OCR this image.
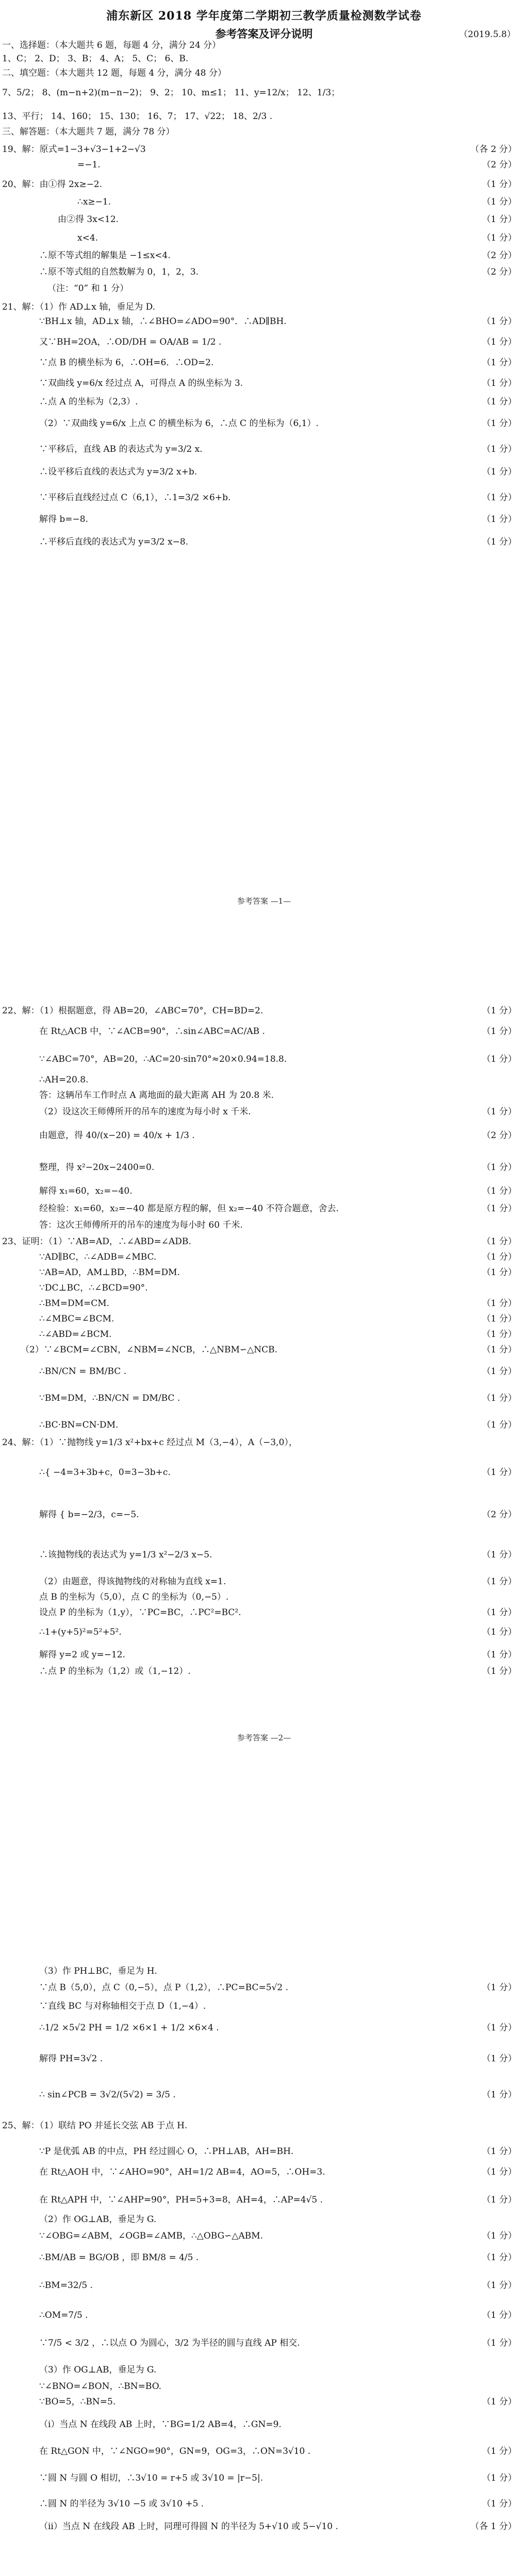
浦东新区 2018 学年度第二学期初三教学质量检测数学试卷
参考答案及评分说明	（2019.5.8）
一、选择题：（本大题共 6 题，每题 4 分，满分 24 分）
1、C； 2、D； 3、B； 4、A； 5、C； 6、B.
二、填空题：（本大题共 12 题，每题 4 分，满分 48 分）
7、5/2； 8、(m−n+2)(m−n−2)； 9、2； 10、m≤1； 11、y=12/x； 12、1/3；
13、平行； 14、160； 15、130； 16、7； 17、√22； 18、2/3 .
三、解答题：（本大题共 7 题，满分 78 分）
19、解：原式=1−3+√3−1+2−√3	（各 2 分）
=−1.	（2 分）
20、解：由①得 2x≥−2.	（1 分）
∴x≥−1.	（1 分）
由②得 3x<12.	（1 分）
x<4.	（1 分）
∴原不等式组的解集是 −1≤x<4.	（2 分）
∴原不等式组的自然数解为 0，1，2，3.	（2 分）
（注：“0” 和 1 分）
21、解：（1）作 AD⊥x 轴，垂足为 D.
∵BH⊥x 轴，AD⊥x 轴，∴∠BHO=∠ADO=90°．∴AD∥BH.	（1 分）
又∵BH=2OA，∴OD/DH = OA/AB = 1/2 .	（1 分）
∵点 B 的横坐标为 6，∴OH=6．∴OD=2.	（1 分）
∵双曲线 y=6/x 经过点 A，可得点 A 的纵坐标为 3.	（1 分）
∴点 A 的坐标为（2,3）.	（1 分）
（2）∵双曲线 y=6/x 上点 C 的横坐标为 6，∴点 C 的坐标为（6,1）.	（1 分）
∵平移后，直线 AB 的表达式为 y=3/2 x.	（1 分）
∴设平移后直线的表达式为 y=3/2 x+b.	（1 分）
∵平移后直线经过点 C（6,1），∴1=3/2 ×6+b.	（1 分）
解得 b=−8.	（1 分）
∴平移后直线的表达式为 y=3/2 x−8.	（1 分）
参考答案 —1—
22、解：（1）根据题意，得 AB=20，∠ABC=70°，CH=BD=2.	（1 分）
在 Rt△ACB 中，∵∠ACB=90°，∴sin∠ABC=AC/AB .	（1 分）
∵∠ABC=70°，AB=20，∴AC=20·sin70°≈20×0.94=18.8．	（1 分）
∴AH=20.8.
答：这辆吊车工作时点 A 离地面的最大距离 AH 为 20.8 米.
（2）设这次王师傅所开的吊车的速度为每小时 x 千米.	（1 分）
由题意，得 40/(x−20) = 40/x + 1/3 .	（2 分）
整理，得 x²−20x−2400=0.	（1 分）
解得 x₁=60，x₂=−40.	（1 分）
经检验：x₁=60，x₂=−40 都是原方程的解，但 x₂=−40 不符合题意，舍去.	（1 分）
答：这次王师傅所开的吊车的速度为每小时 60 千米.
23、证明：（1）∵AB=AD，∴∠ABD=∠ADB.	（1 分）
∵AD∥BC，∴∠ADB=∠MBC.	（1 分）
∵AB=AD，AM⊥BD，∴BM=DM.	（1 分）
∵DC⊥BC，∴∠BCD=90°.
∴BM=DM=CM.	（1 分）
∴∠MBC=∠BCM.	（1 分）
∴∠ABD=∠BCM.	（1 分）
（2）∵∠BCM=∠CBN，∠NBM=∠NCB，∴△NBM∽△NCB.	（1 分）
∴BN/CN = BM/BC .	（1 分）
∵BM=DM，∴BN/CN = DM/BC .	（1 分）
∴BC·BN=CN·DM.	（1 分）
24、解：（1）∵抛物线 y=1/3 x²+bx+c 经过点 M（3,−4），A（−3,0），
∴{ −4=3+3b+c，0=3−3b+c.	（1 分）
解得 { b=−2/3，c=−5.	（2 分）
∴该抛物线的表达式为 y=1/3 x²−2/3 x−5.	（1 分）
（2）由题意，得该抛物线的对称轴为直线 x=1.	（1 分）
点 B 的坐标为（5,0），点 C 的坐标为（0,−5）.
设点 P 的坐标为（1,y），∵PC=BC，∴PC²=BC².	（1 分）
∴1+(y+5)²=5²+5².	（1 分）
解得 y=2 或 y=−12.	（1 分）
∴点 P 的坐标为（1,2）或（1,−12）.	（1 分）
参考答案 —2—
（3）作 PH⊥BC，垂足为 H.
∵点 B（5,0），点 C（0,−5），点 P（1,2），∴PC=BC=5√2 .	（1 分）
∵直线 BC 与对称轴相交于点 D（1,−4）.
∴1/2 ×5√2 PH = 1/2 ×6×1 + 1/2 ×6×4 .	（1 分）
解得 PH=3√2 .	（1 分）
∴ sin∠PCB = 3√2/(5√2) = 3/5 .	（1 分）
25、解：（1）联结 PO 并延长交弦 AB 于点 H.
∵P 是优弧 AB 的中点，PH 经过圆心 O，∴PH⊥AB，AH=BH.	（1 分）
在 Rt△AOH 中，∵∠AHO=90°，AH=1/2 AB=4，AO=5，∴OH=3.	（1 分）
在 Rt△APH 中，∵∠AHP=90°，PH=5+3=8，AH=4，∴AP=4√5 .	（1 分）
（2）作 OG⊥AB，垂足为 G.
∵∠OBG=∠ABM，∠OGB=∠AMB，∴△OBG∽△ABM.	（1 分）
∴BM/AB = BG/OB ，即 BM/8 = 4/5 .	（1 分）
∴BM=32/5 .	（1 分）
∴OM=7/5 .	（1 分）
∵7/5 < 3/2 ，∴以点 O 为圆心，3/2 为半径的圆与直线 AP 相交.	（1 分）
（3）作 OG⊥AB，垂足为 G.
∵∠BNO=∠BON，∴BN=BO.
∵BO=5，∴BN=5.	（1 分）
（i）当点 N 在线段 AB 上时，∵BG=1/2 AB=4，∴GN=9.
在 Rt△GON 中，∵∠NGO=90°，GN=9，OG=3，∴ON=3√10 .	（1 分）
∵圆 N 与圆 O 相切，∴3√10 = r+5 或 3√10 = |r−5|.	（1 分）
∴圆 N 的半径为 3√10 −5 或 3√10 +5 .	（1 分）
（ii）当点 N 在线段 AB 上时，同理可得圆 N 的半径为 5+√10 或 5−√10 .	（各 1 分）
